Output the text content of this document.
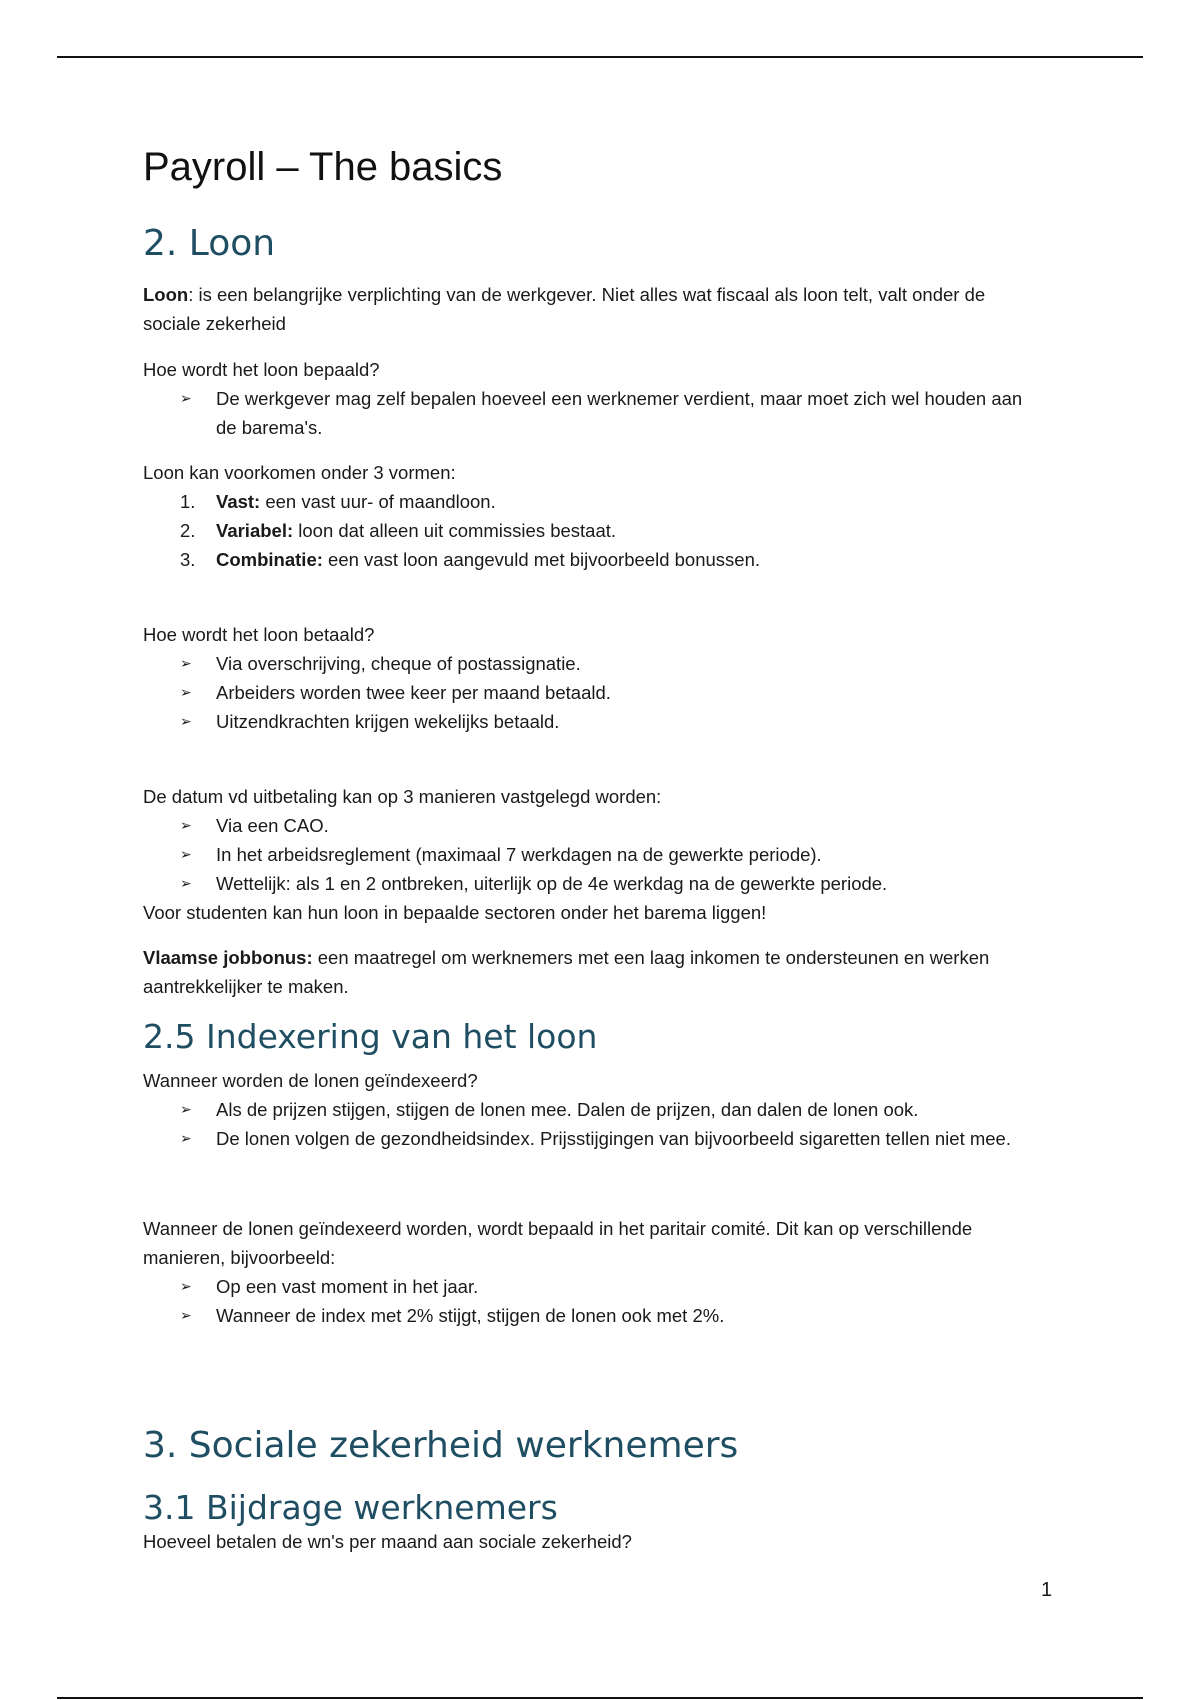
Payroll – The basics
2. Loon

Loon: is een belangrijke verplichting van de werkgever. Niet alles wat fiscaal als loon telt, valt onder de sociale zekerheid

Hoe wordt het loon bepaald?

➢ De werkgever mag zelf bepalen hoeveel een werknemer verdient, maar moet zich wel houden aan de barema's.

Loon kan voorkomen onder 3 vormen:

1. Vast: een vast uur- of maandloon.
2. Variabel: loon dat alleen uit commissies bestaat.
3. Combinatie: een vast loon aangevuld met bijvoorbeeld bonussen.

Hoe wordt het loon betaald?

➢ Via overschrijving, cheque of postassignatie.
➢ Arbeiders worden twee keer per maand betaald.
➢ Uitzendkrachten krijgen wekelijks betaald.

De datum vd uitbetaling kan op 3 manieren vastgelegd worden:

➢ Via een CAO.
➢ In het arbeidsreglement (maximaal 7 werkdagen na de gewerkte periode).
➢ Wettelijk: als 1 en 2 ontbreken, uiterlijk op de 4e werkdag na de gewerkte periode.

Voor studenten kan hun loon in bepaalde sectoren onder het barema liggen!

Vlaamse jobbonus: een maatregel om werknemers met een laag inkomen te ondersteunen en werken aantrekkelijker te maken.

2.5 Indexering van het loon

Wanneer worden de lonen geïndexeerd?

➢ Als de prijzen stijgen, stijgen de lonen mee. Dalen de prijzen, dan dalen de lonen ook.
➢ De lonen volgen de gezondheidsindex. Prijsstijgingen van bijvoorbeeld sigaretten tellen niet mee.

Wanneer de lonen geïndexeerd worden, wordt bepaald in het paritair comité. Dit kan op verschillende manieren, bijvoorbeeld:

➢ Op een vast moment in het jaar.
➢ Wanneer de index met 2% stijgt, stijgen de lonen ook met 2%.
3. Sociale zekerheid werknemers
3.1 Bijdrage werknemers

Hoeveel betalen de wn's per maand aan sociale zekerheid?

1
